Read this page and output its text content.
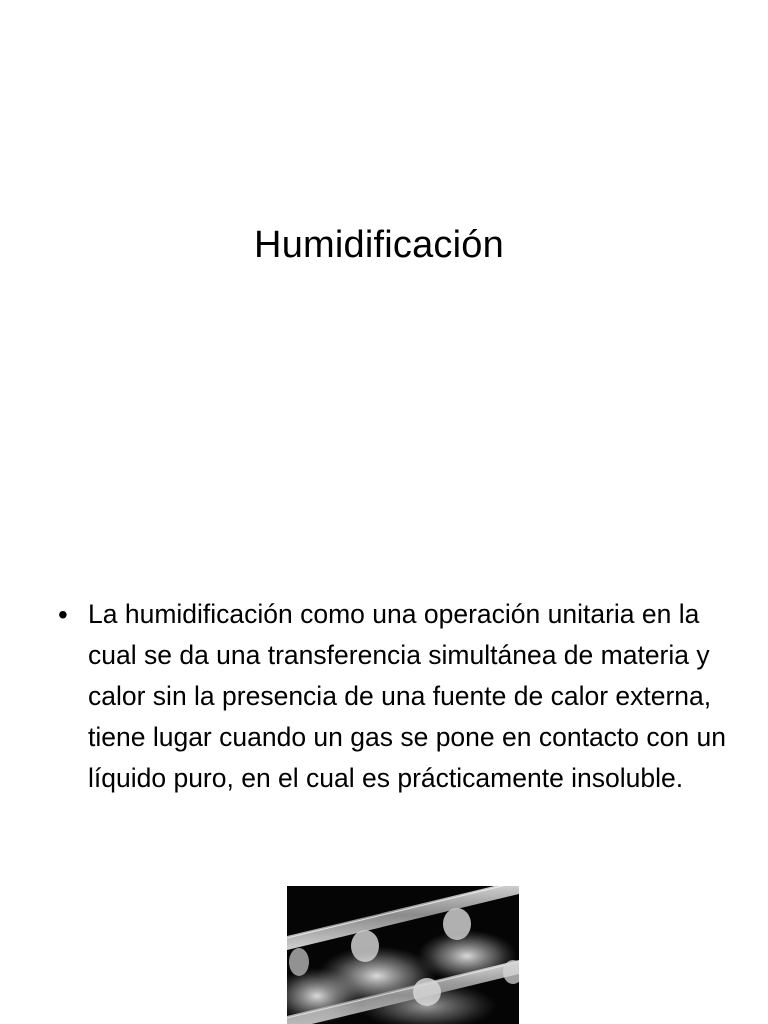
Humidificación
• La humidificación como una operación unitaria en la cual se da una transferencia simultánea de materia y calor sin la presencia de una fuente de calor externa, tiene lugar cuando un gas se pone en contacto con un líquido puro, en el cual es prácticamente insoluble.
